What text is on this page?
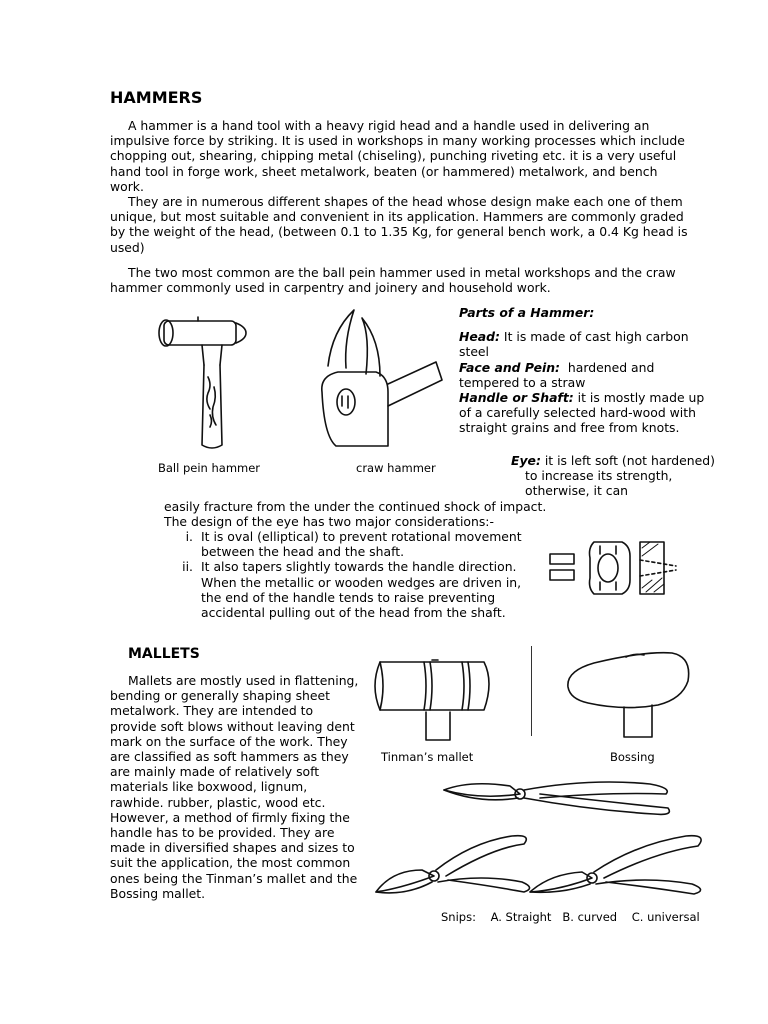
HAMMERS

A hammer is a hand tool with a heavy rigid head and a handle used in delivering an impulsive force by striking. It is used in workshops in many working processes which include chopping out, shearing, chipping metal (chiseling), punching riveting etc. it is a very useful hand tool in forge work, sheet metalwork, beaten (or hammered) metalwork, and bench work.

They are in numerous different shapes of the head whose design make each one of them unique, but most suitable and convenient in its application. Hammers are commonly graded by the weight of the head, (between 0.1 to 1.35 Kg, for general bench work, a 0.4 Kg head is used)

The two most common are the ball pein hammer used in metal workshops and the craw hammer commonly used in carpentry and joinery and household work.

Ball pein hammer	craw hammer

Parts of a Hammer:

Head: It is made of cast high carbon steel

Face and Pein: hardened and tempered to a straw

Handle or Shaft: it is mostly made up of a carefully selected hard-wood with straight grains and free from knots.

Eye: it is left soft (not hardened) to increase its strength, otherwise, it can
easily fracture from the under the continued shock of impact.
The design of the eye has two major considerations:-
i. It is oval (elliptical) to prevent rotational movement between the head and the shaft.
ii. It also tapers slightly towards the handle direction. When the metallic or wooden wedges are driven in, the end of the handle tends to raise preventing accidental pulling out of the head from the shaft.
MALLETS

Mallets are mostly used in flattening, bending or generally shaping sheet metalwork. They are intended to provide soft blows without leaving dent mark on the surface of the work. They are classified as soft hammers as they are mainly made of relatively soft materials like boxwood, lignum, rawhide. rubber, plastic, wood etc. However, a method of firmly fixing the handle has to be provided. They are made in diversified shapes and sizes to suit the application, the most common ones being the Tinman’s mallet and the Bossing mallet.

Tinman’s mallet	Bossing
Snips:    A. Straight   B. curved    C. universal
